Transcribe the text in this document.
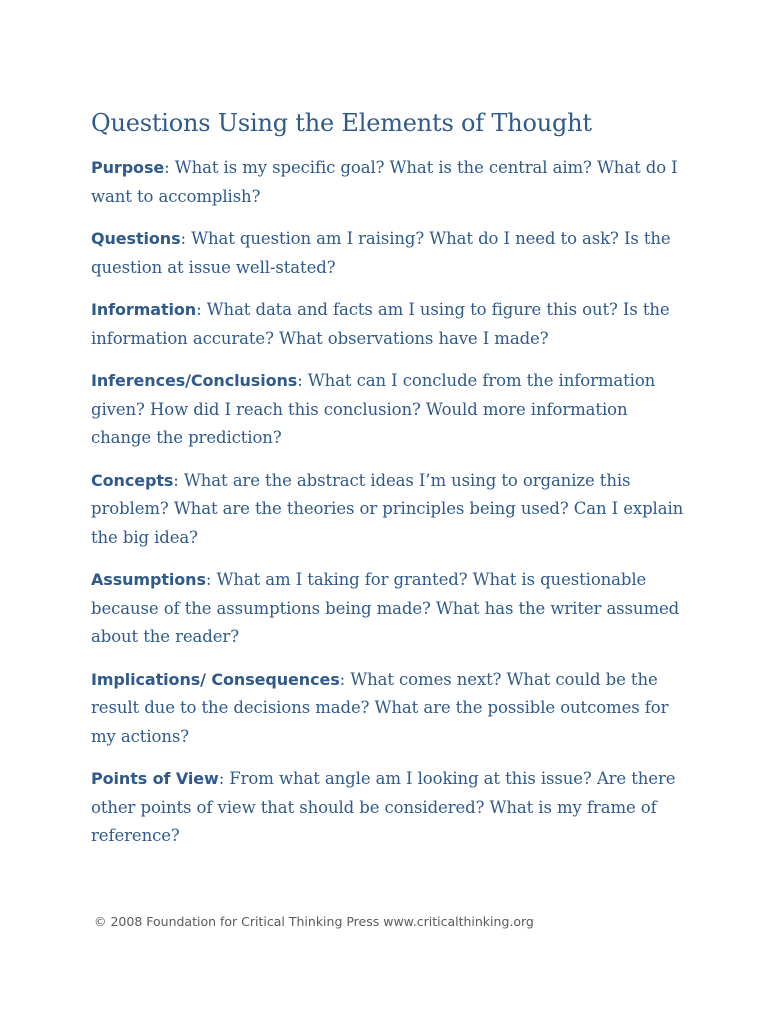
Questions Using the Elements of Thought

Purpose: What is my specific goal? What is the central aim? What do I want to accomplish?

Questions: What question am I raising? What do I need to ask? Is the question at issue well-stated?

Information: What data and facts am I using to figure this out? Is the information accurate? What observations have I made?

Inferences/Conclusions: What can I conclude from the information given? How did I reach this conclusion? Would more information change the prediction?

Concepts: What are the abstract ideas I’m using to organize this problem? What are the theories or principles being used? Can I explain the big idea?

Assumptions: What am I taking for granted? What is questionable because of the assumptions being made? What has the writer assumed about the reader?

Implications/ Consequences: What comes next? What could be the result due to the decisions made? What are the possible outcomes for my actions?

Points of View: From what angle am I looking at this issue? Are there other points of view that should be considered? What is my frame of reference?

© 2008 Foundation for Critical Thinking Press www.criticalthinking.org
